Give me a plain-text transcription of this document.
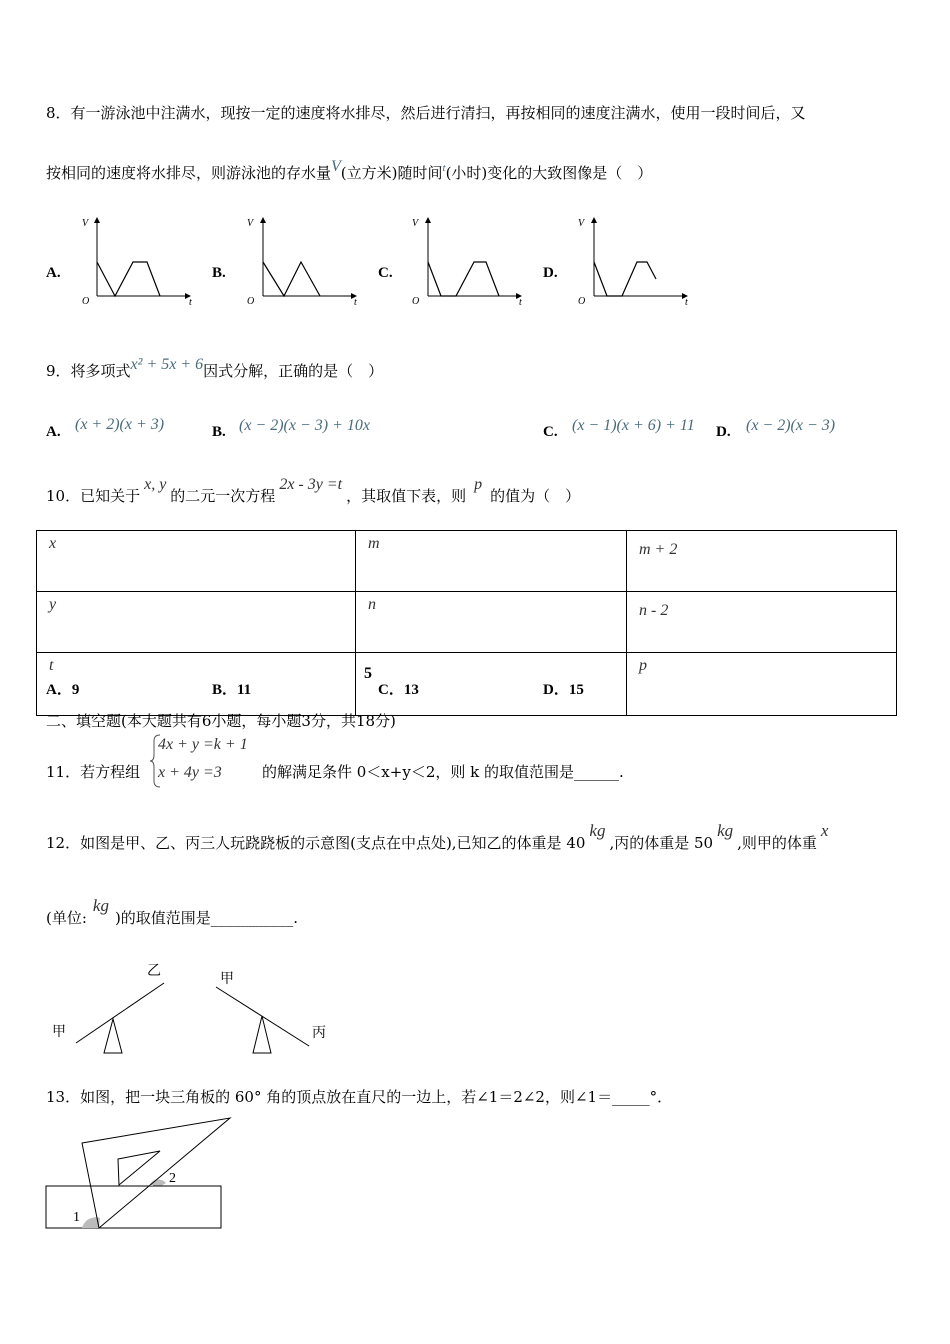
8．有一游泳池中注满水，现按一定的速度将水排尽，然后进行清扫，再按相同的速度注满水，使用一段时间后，又
按相同的速度将水排尽，则游泳池的存水量V(立方米)随时间$^t$(小时)变化的大致图像是（　）
A.	B.	C.	D.
V
O	t
V
O	t
V
O	t
V
O	t
9．将多项式x² + 5x + 6因式分解，正确的是（　）
A. (x + 2)(x + 3)	B. (x − 2)(x − 3) + 10x	C. (x − 1)(x + 6) + 11 D. (x − 2)(x − 3)
10．已知关于x, y的二元一次方程2x - 3y =t，其取值下表，则p的值为（　）
x	m	m + 2
y	n	n - 2
t	5	p
A．9	B．11	C．13	D．15
二、填空题(本大题共有6小题，每小题3分，共18分)
11．若方程组
4x + y =k + 1
x + 4y =3	的解满足条件 0＜x+y＜2，则 k 的取值范围是______.
12．如图是甲、乙、丙三人玩跷跷板的示意图(支点在中点处),已知乙的体重是 40kg,丙的体重是 50kg,则甲的体重x
(单位:kg)的取值范围是___________.
乙
甲
甲
丙
13．如图，把一块三角板的 60° 角的顶点放在直尺的一边上，若∠1＝2∠2，则∠1＝_____°．
1
2
